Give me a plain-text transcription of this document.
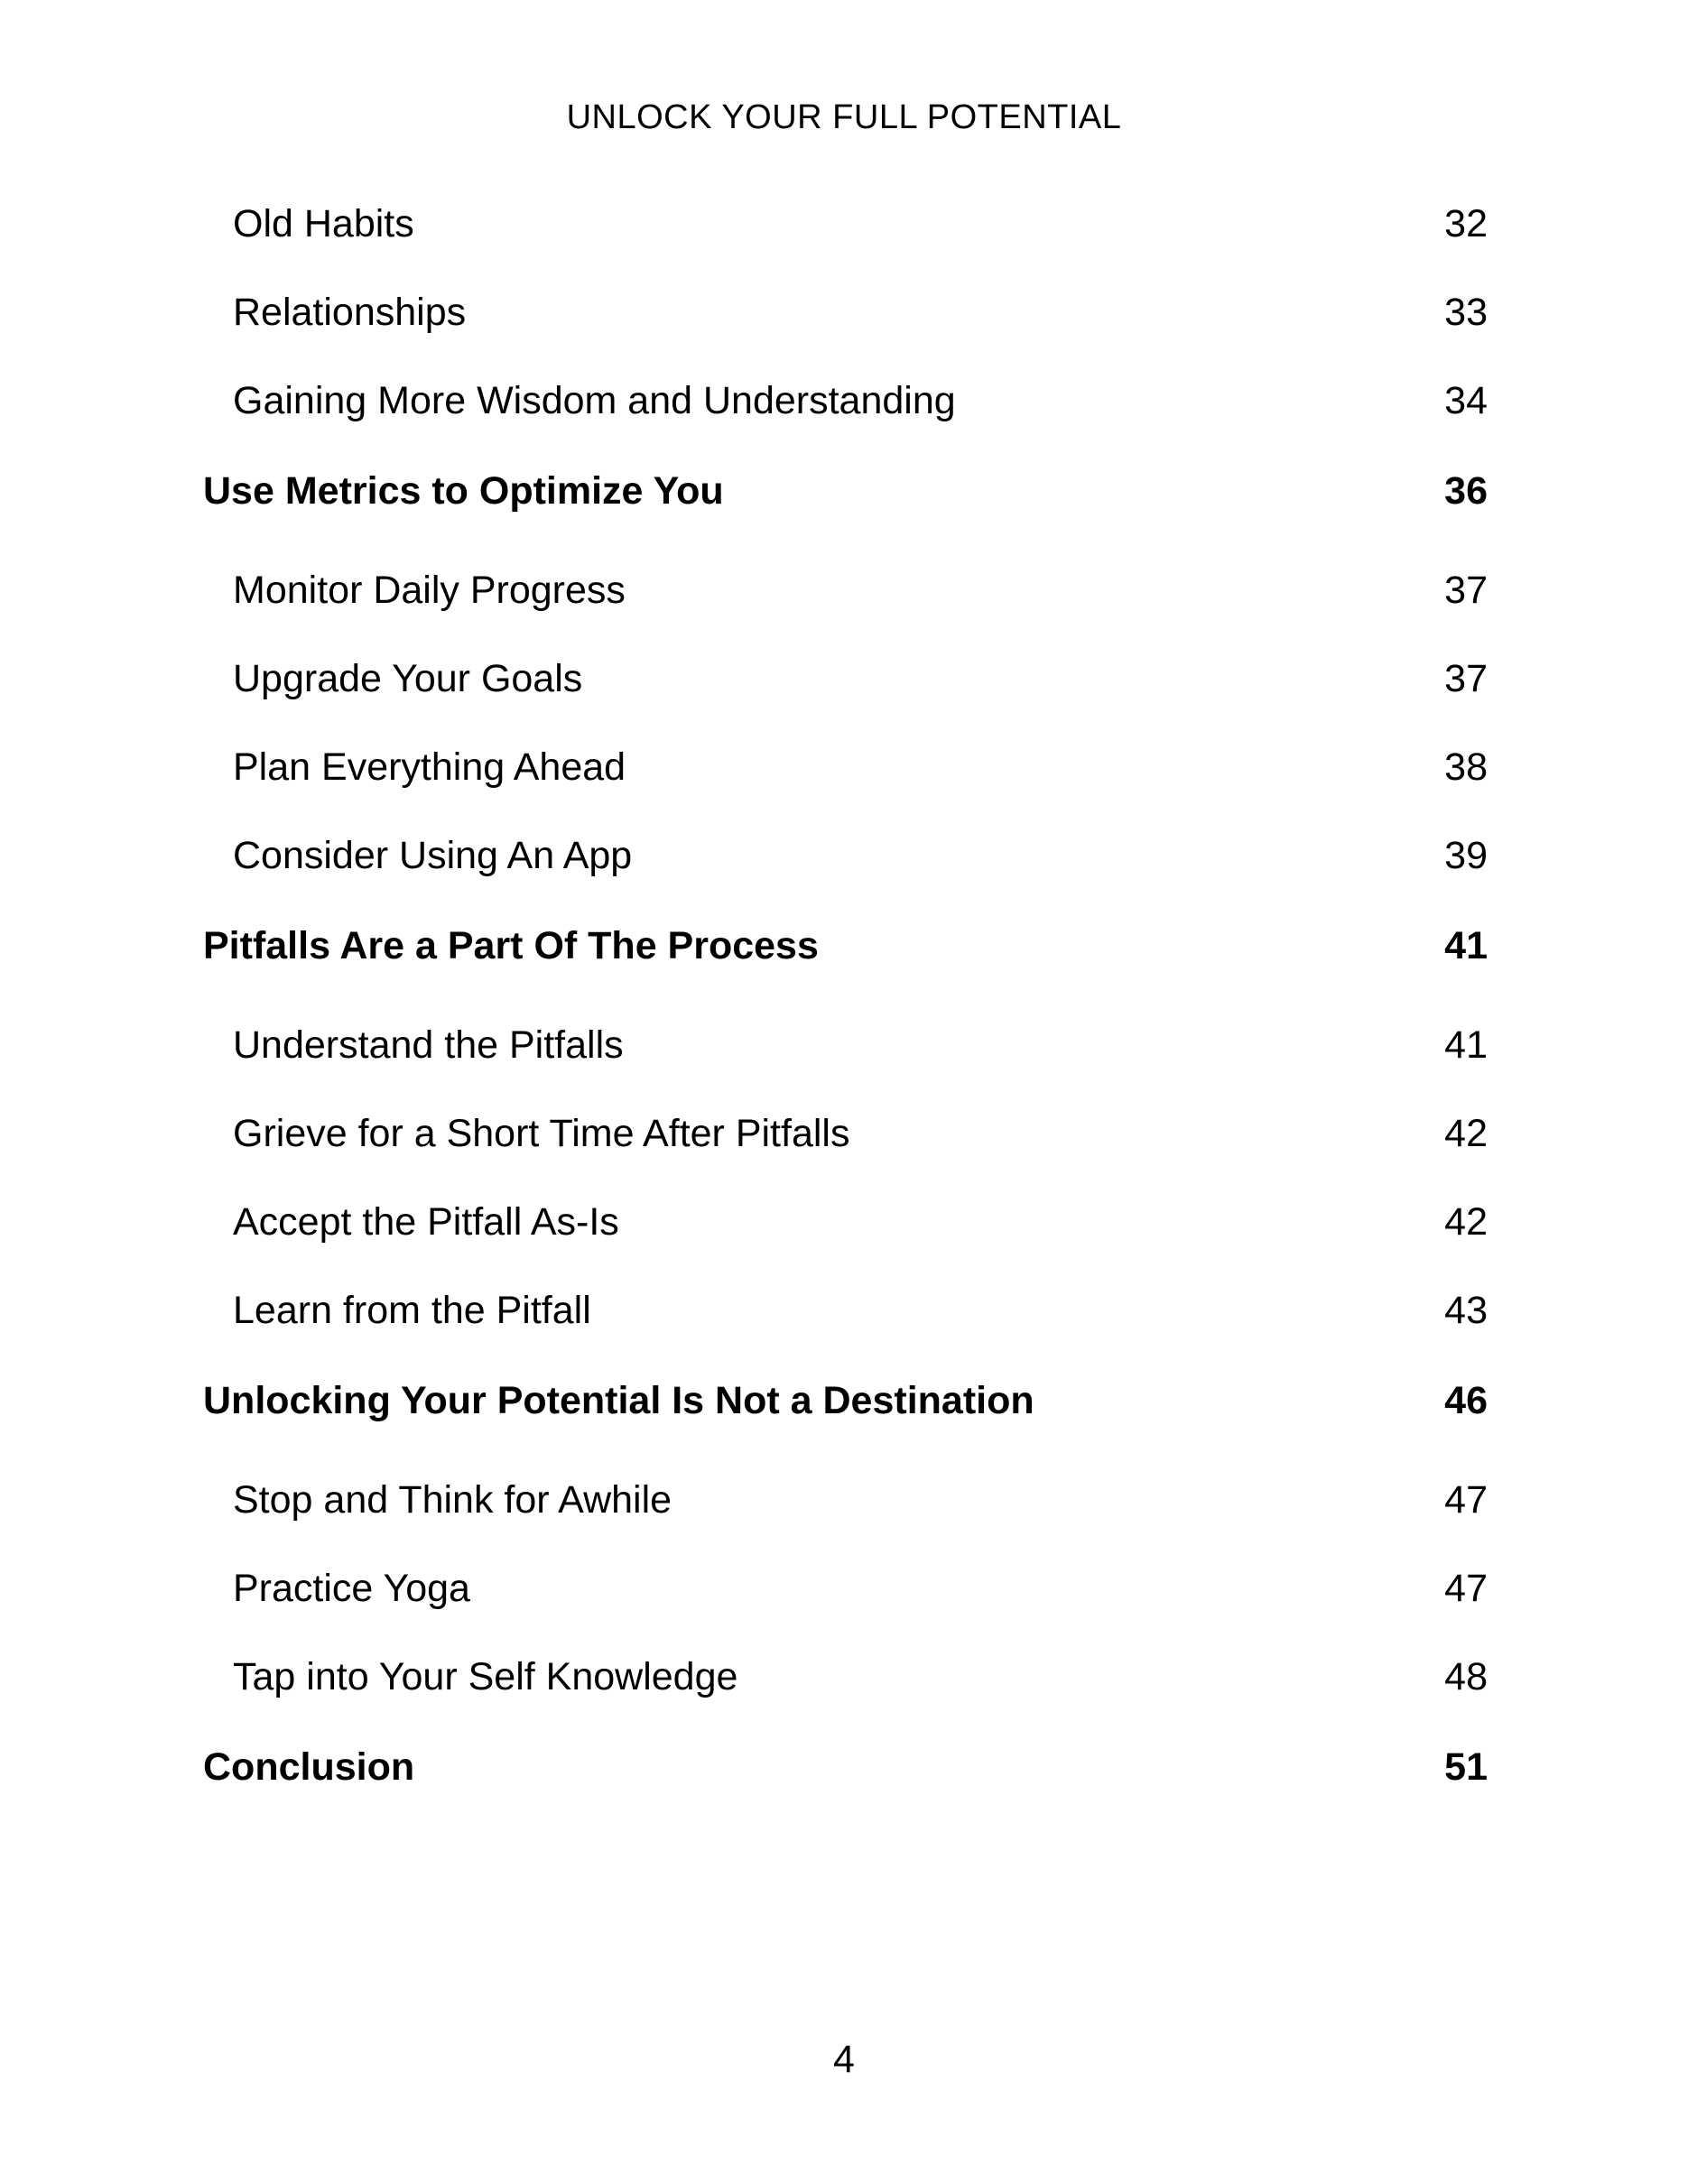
UNLOCK YOUR FULL POTENTIAL
Old Habits	32
Relationships	33
Gaining More Wisdom and Understanding	34
Use Metrics to Optimize You	36
Monitor Daily Progress	37
Upgrade Your Goals	37
Plan Everything Ahead	38
Consider Using An App	39
Pitfalls Are a Part Of The Process	41
Understand the Pitfalls	41
Grieve for a Short Time After Pitfalls	42
Accept the Pitfall As-Is	42
Learn from the Pitfall	43
Unlocking Your Potential Is Not a Destination	46
Stop and Think for Awhile	47
Practice Yoga	47
Tap into Your Self Knowledge	48
Conclusion	51
4
